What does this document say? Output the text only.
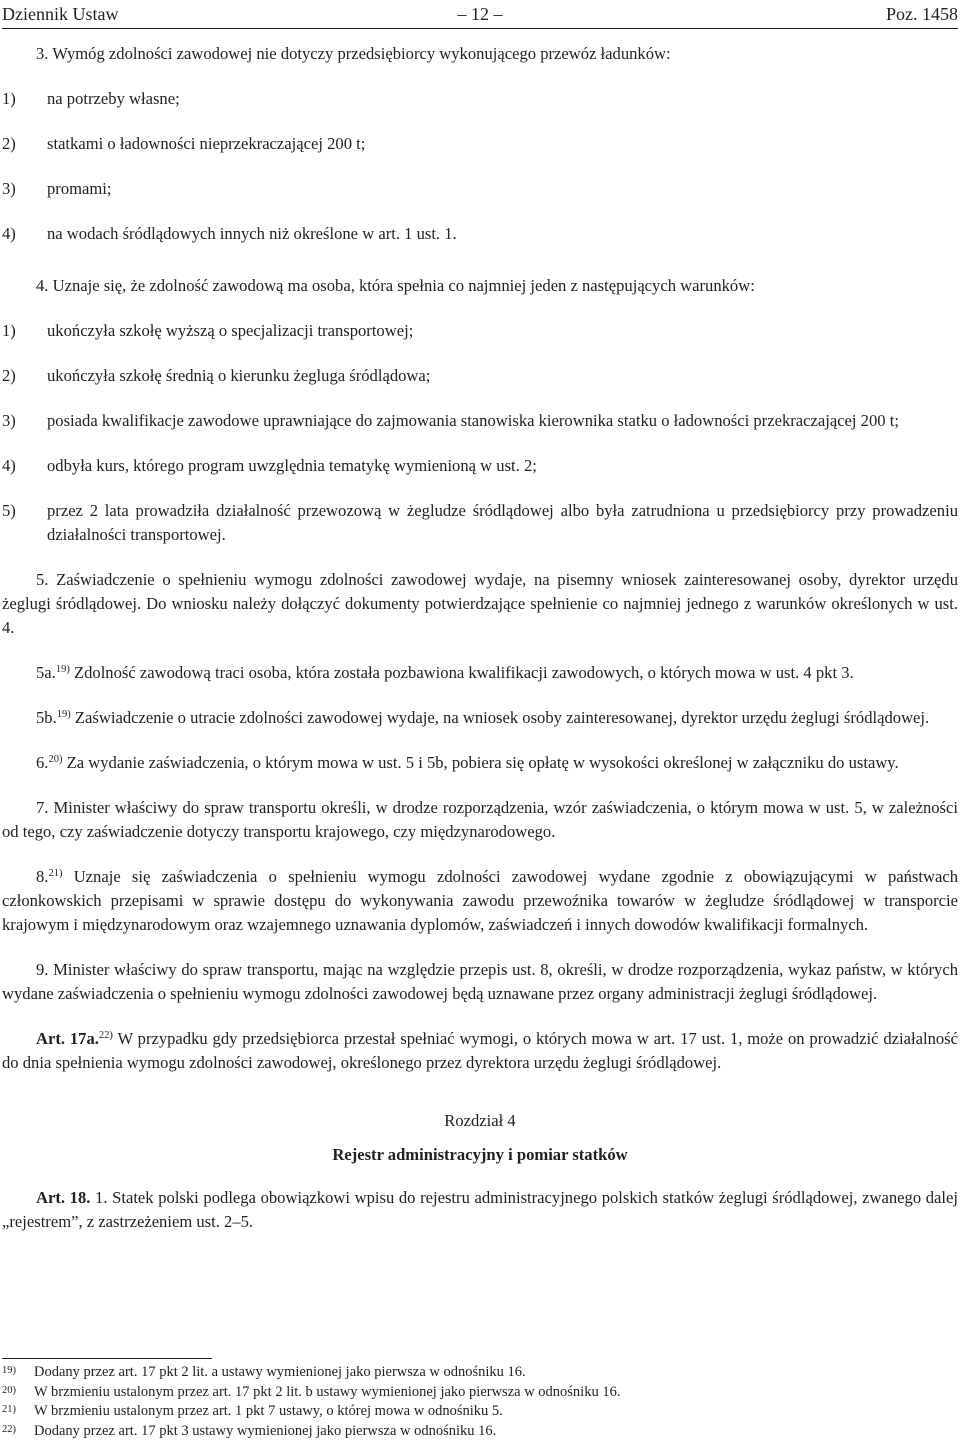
Dziennik Ustaw	– 12 –	Poz. 1458

3. Wymóg zdolności zawodowej nie dotyczy przedsiębiorcy wykonującego przewóz ładunków:

1) na potrzeby własne;
2) statkami o ładowności nieprzekraczającej 200 t;
3) promami;
4) na wodach śródlądowych innych niż określone w art. 1 ust. 1.

4. Uznaje się, że zdolność zawodową ma osoba, która spełnia co najmniej jeden z następujących warunków:

1) ukończyła szkołę wyższą o specjalizacji transportowej;
2) ukończyła szkołę średnią o kierunku żegluga śródlądowa;
3) posiada kwalifikacje zawodowe uprawniające do zajmowania stanowiska kierownika statku o ładowności przekraczającej 200 t;
4) odbyła kurs, którego program uwzględnia tematykę wymienioną w ust. 2;
5) przez 2 lata prowadziła działalność przewozową w żegludze śródlądowej albo była zatrudniona u przedsiębiorcy przy prowadzeniu działalności transportowej.

5. Zaświadczenie o spełnieniu wymogu zdolności zawodowej wydaje, na pisemny wniosek zainteresowanej osoby, dyrektor urzędu żeglugi śródlądowej. Do wniosku należy dołączyć dokumenty potwierdzające spełnienie co najmniej jednego z warunków określonych w ust. 4.

5a.$^{19)}$ Zdolność zawodową traci osoba, która została pozbawiona kwalifikacji zawodowych, o których mowa w ust. 4 pkt 3.

5b.$^{19)}$ Zaświadczenie o utracie zdolności zawodowej wydaje, na wniosek osoby zainteresowanej, dyrektor urzędu żeglugi śródlądowej.

6.$^{20)}$ Za wydanie zaświadczenia, o którym mowa w ust. 5 i 5b, pobiera się opłatę w wysokości określonej w załączniku do ustawy.

7. Minister właściwy do spraw transportu określi, w drodze rozporządzenia, wzór zaświadczenia, o którym mowa w ust. 5, w zależności od tego, czy zaświadczenie dotyczy transportu krajowego, czy międzynarodowego.

8.$^{21)}$ Uznaje się zaświadczenia o spełnieniu wymogu zdolności zawodowej wydane zgodnie z obowiązującymi w państwach członkowskich przepisami w sprawie dostępu do wykonywania zawodu przewoźnika towarów w żegludze śródlądowej w transporcie krajowym i międzynarodowym oraz wzajemnego uznawania dyplomów, zaświadczeń i innych dowodów kwalifikacji formalnych.

9. Minister właściwy do spraw transportu, mając na względzie przepis ust. 8, określi, w drodze rozporządzenia, wykaz państw, w których wydane zaświadczenia o spełnieniu wymogu zdolności zawodowej będą uznawane przez organy administracji żeglugi śródlądowej.

Art. 17a.$^{22)}$ W przypadku gdy przedsiębiorca przestał spełniać wymogi, o których mowa w art. 17 ust. 1, może on prowadzić działalność do dnia spełnienia wymogu zdolności zawodowej, określonego przez dyrektora urzędu żeglugi śródlądowej.

Rozdział 4

Rejestr administracyjny i pomiar statków

Art. 18. 1. Statek polski podlega obowiązkowi wpisu do rejestru administracyjnego polskich statków żeglugi śródlądowej, zwanego dalej „rejestrem”, z zastrzeżeniem ust. 2–5.

19) Dodany przez art. 17 pkt 2 lit. a ustawy wymienionej jako pierwsza w odnośniku 16.
20) W brzmieniu ustalonym przez art. 17 pkt 2 lit. b ustawy wymienionej jako pierwsza w odnośniku 16.
21) W brzmieniu ustalonym przez art. 1 pkt 7 ustawy, o której mowa w odnośniku 5.
22) Dodany przez art. 17 pkt 3 ustawy wymienionej jako pierwsza w odnośniku 16.
